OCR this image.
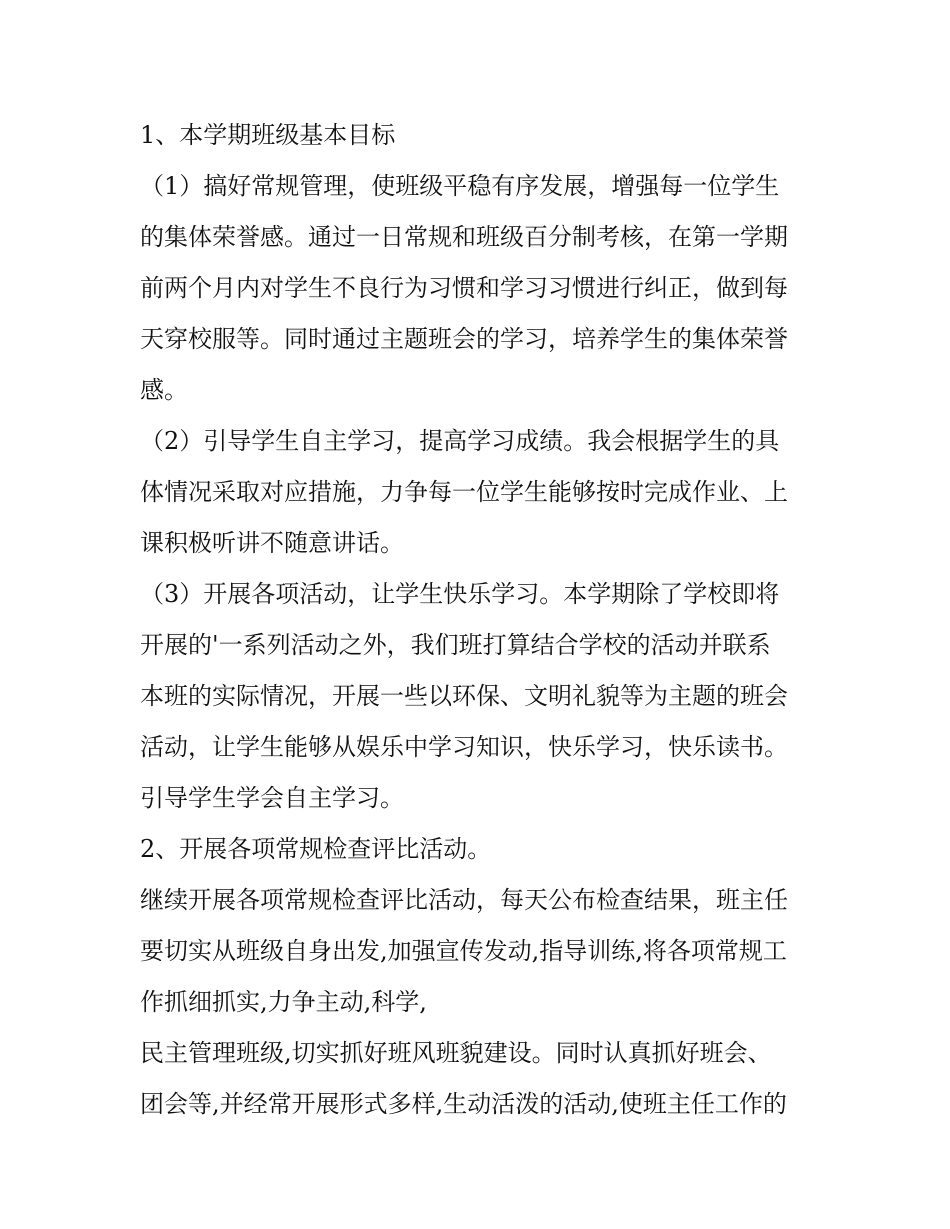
1、本学期班级基本目标
（1）搞好常规管理，使班级平稳有序发展，增强每一位学生
的集体荣誉感。通过一日常规和班级百分制考核，在第一学期
前两个月内对学生不良行为习惯和学习习惯进行纠正，做到每
天穿校服等。同时通过主题班会的学习，培养学生的集体荣誉
感。
（2）引导学生自主学习，提高学习成绩。我会根据学生的具
体情况采取对应措施，力争每一位学生能够按时完成作业、上
课积极听讲不随意讲话。
（3）开展各项活动，让学生快乐学习。本学期除了学校即将
开展的'一系列活动之外，我们班打算结合学校的活动并联系
本班的实际情况，开展一些以环保、文明礼貌等为主题的班会
活动，让学生能够从娱乐中学习知识，快乐学习，快乐读书。
引导学生学会自主学习。
2、开展各项常规检查评比活动。
继续开展各项常规检查评比活动，每天公布检查结果，班主任
要切实从班级自身出发,加强宣传发动,指导训练,将各项常规工
作抓细抓实,力争主动,科学,
民主管理班级,切实抓好班风班貌建设。同时认真抓好班会、
团会等,并经常开展形式多样,生动活泼的活动,使班主任工作的
